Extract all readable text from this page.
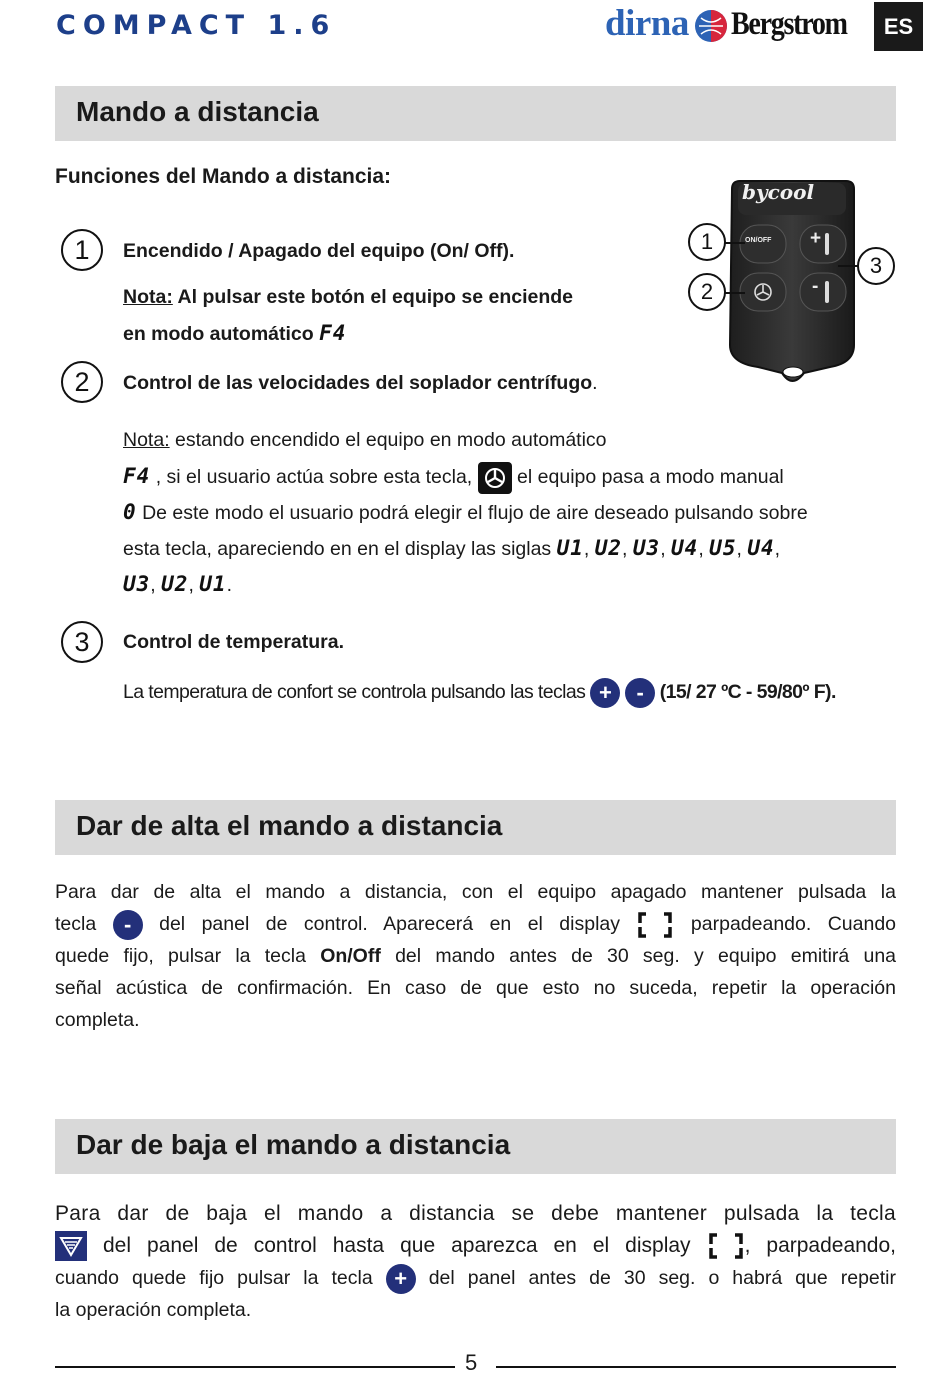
COMPACT 1.6	dirna Bergstrom	ES
Mando a distancia
Funciones del Mando a distancia:
bycool
ON/OFF +
-
1
2
3
1	Encendido / Apagado del equipo (On/ Off).
Nota: Al pulsar este botón el equipo se enciende
en modo automático F4
2	Control de las velocidades del soplador centrífugo.
Nota: estando encendido el equipo en modo automático
F4 , si el usuario actúa sobre esta tecla,
el equipo pasa a modo manual
0 De este modo el usuario podrá elegir el flujo de aire deseado pulsando sobre
esta tecla, apareciendo en en el display las siglas U1, U2, U3, U4, U5, U4,
U3, U2, U1.
3	Control de temperatura.
La temperatura de confort se controla pulsando las teclas + - (15/ 27 ºC - 59/80º F).
Dar de alta el mando a distancia
Para dar de alta el mando a distancia, con el equipo apagado mantener pulsada la
tecla - del panel de control. Aparecerá en el display	parpadeando. Cuando
quede fijo, pulsar la tecla On/Off del mando antes de 30 seg. y equipo emitirá una
señal acústica de confirmación. En caso de que esto no suceda, repetir la operación
completa.
Dar de baja el mando a distancia
Para dar de baja el mando a distancia se debe mantener pulsada la tecla
del panel de control hasta que aparezca en el display	, parpadeando,
cuando quede fijo pulsar la tecla + del panel antes de 30 seg. o habrá que repetir
la operación completa.
5
